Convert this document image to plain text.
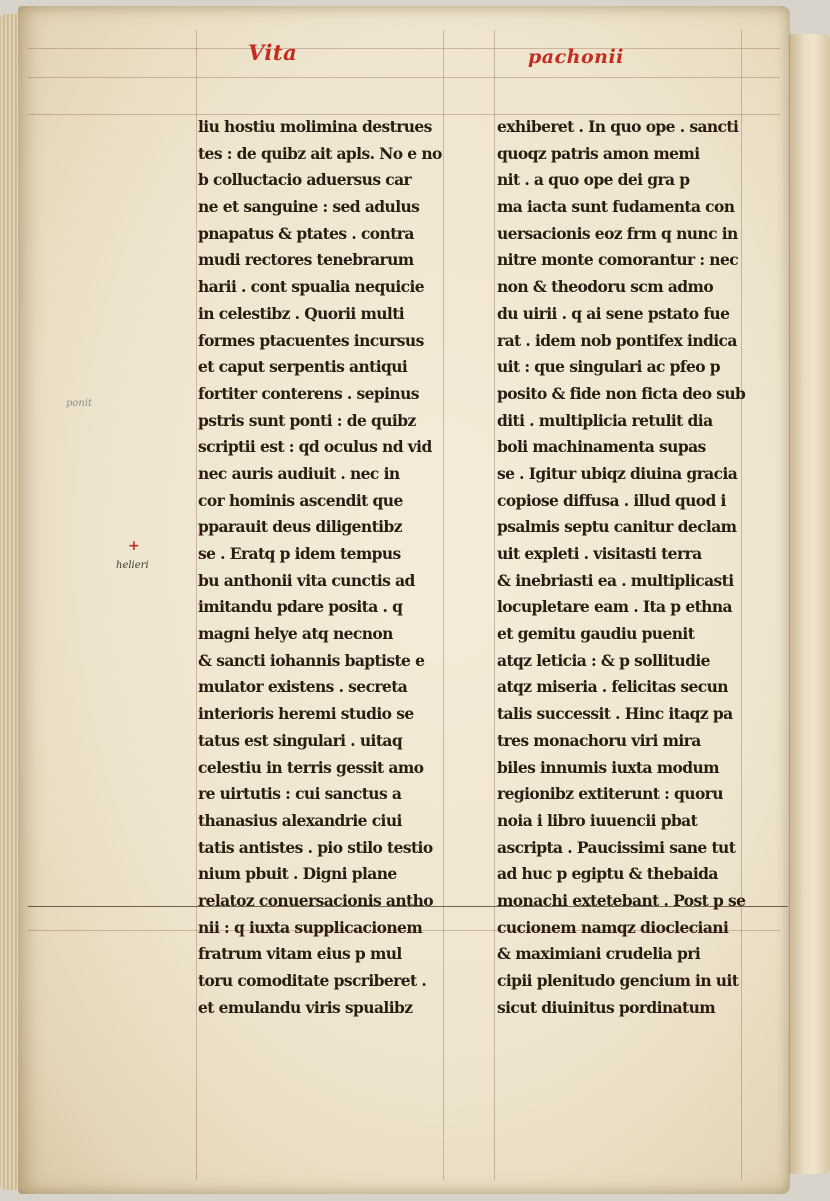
Vita	pachonii
ponit
+
helieri
liu hostiu molimina destrues
tes : de quibz ait apls. No e no
b colluctacio aduersus car
ne et sanguine : sed adulus
pnapatus & ptates . contra
mudi rectores tenebrarum
harii . cont spualia nequicie
in celestibz . Quorii multi
formes ptacuentes incursus
et caput serpentis antiqui
fortiter conterens . sepinus
pstris sunt ponti : de quibz
scriptii est : qd oculus nd vid
nec auris audiuit . nec in
cor hominis ascendit que
pparauit deus diligentibz
se . Eratq p idem tempus
bu anthonii vita cunctis ad
imitandu pdare posita . q
magni helye atq necnon
& sancti iohannis baptiste e
mulator existens . secreta
interioris heremi studio se
tatus est singulari . uitaq
celestiu in terris gessit amo
re uirtutis : cui sanctus a
thanasius alexandrie ciui
tatis antistes . pio stilo testio
nium pbuit . Digni plane
relatoz conuersacionis antho
nii : q iuxta supplicacionem
fratrum vitam eius p mul
toru comoditate pscriberet .
et emulandu viris spualibz
exhiberet . In quo ope . sancti
quoqz patris amon memi
nit . a quo ope dei gra p
ma iacta sunt fudamenta con
uersacionis eoz frm q nunc in
nitre monte comorantur : nec
non & theodoru scm admo
du uirii . q ai sene pstato fue
rat . idem nob pontifex indica
uit : que singulari ac pfeo p
posito & fide non ficta deo sub
diti . multiplicia retulit dia
boli machinamenta supas
se . Igitur ubiqz diuina gracia
copiose diffusa . illud quod i
psalmis septu canitur declam
uit expleti . visitasti terra
& inebriasti ea . multiplicasti
locupletare eam . Ita p ethna
et gemitu gaudiu puenit
atqz leticia : & p sollitudie
atqz miseria . felicitas secun
talis successit . Hinc itaqz pa
tres monachoru viri mira
biles innumis iuxta modum
regionibz extiterunt : quoru
noia i libro iuuencii pbat
ascripta . Paucissimi sane tut
ad huc p egiptu & thebaida
monachi extetebant . Post p se
cucionem namqz diocleciani
& maximiani crudelia pri
cipii plenitudo gencium in uit
sicut diuinitus pordinatum
